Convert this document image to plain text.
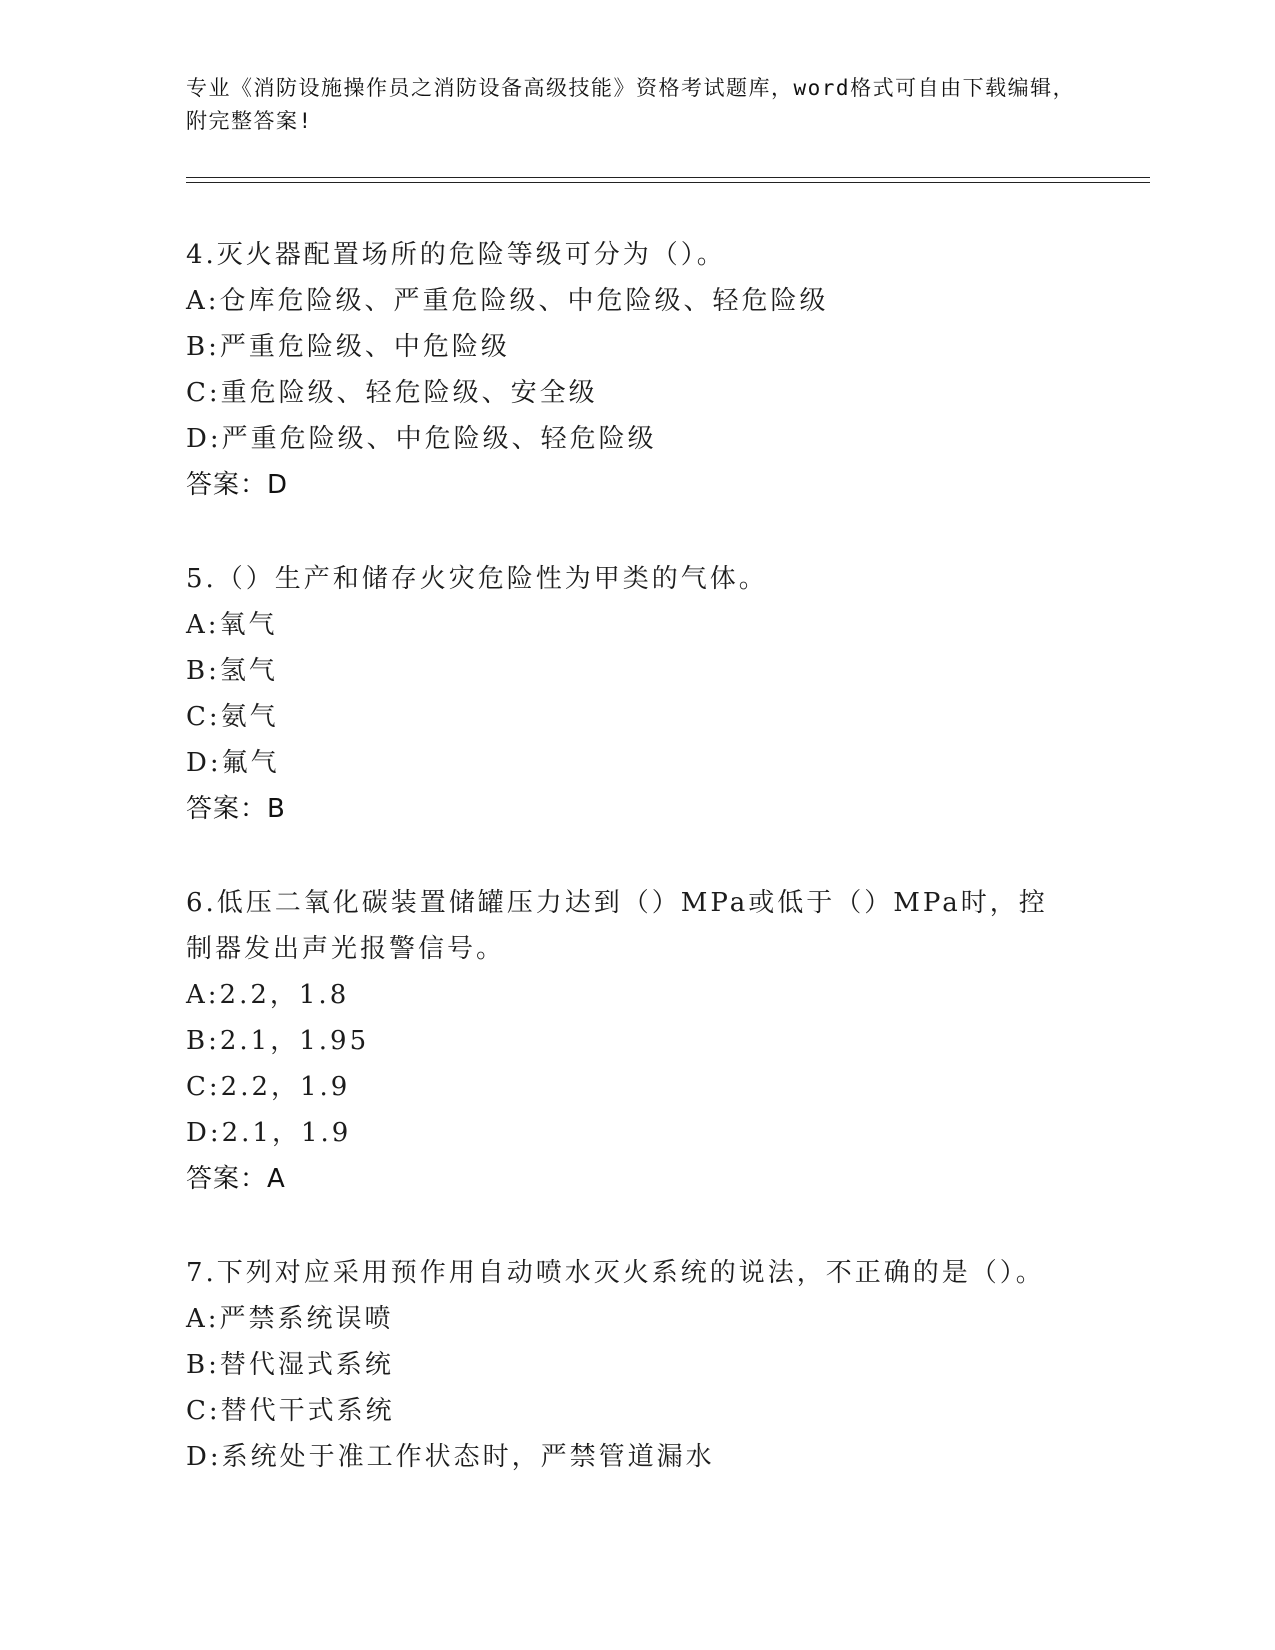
专业《消防设施操作员之消防设备高级技能》资格考试题库，word格式可自由下载编辑，附完整答案!
4.灭火器配置场所的危险等级可分为（）。
A:仓库危险级、严重危险级、中危险级、轻危险级
B:严重危险级、中危险级
C:重危险级、轻危险级、安全级
D:严重危险级、中危险级、轻危险级
答案：D
5.（）生产和储存火灾危险性为甲类的气体。
A:氧气
B:氢气
C:氨气
D:氟气
答案：B
6.低压二氧化碳装置储罐压力达到（）MPa或低于（）MPa时，控制器发出声光报警信号。
A:2.2，1.8
B:2.1，1.95
C:2.2，1.9
D:2.1，1.9
答案：A
7.下列对应采用预作用自动喷水灭火系统的说法，不正确的是（）。
A:严禁系统误喷
B:替代湿式系统
C:替代干式系统
D:系统处于准工作状态时，严禁管道漏水
